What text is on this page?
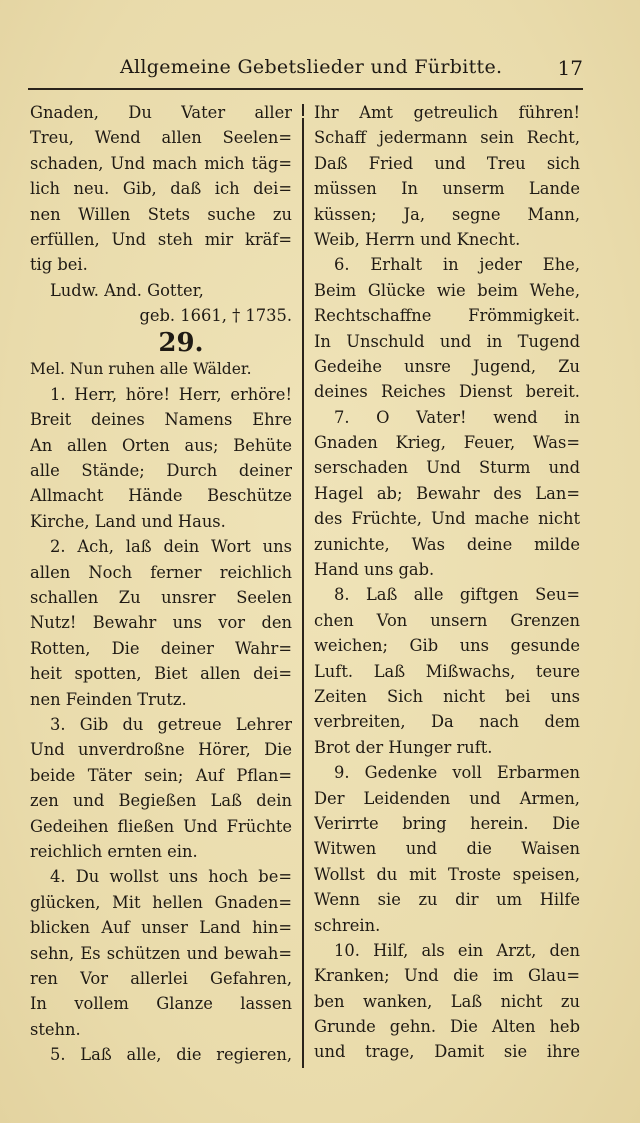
Allgemeine Gebetslieder und Fürbitte.	17
Gnaden, Du Vater aller
Treu, Wend allen Seelen=
schaden, Und mach mich täg=
lich neu. Gib, daß ich dei=
nen Willen Stets suche zu
erfüllen, Und steh mir kräf=
tig bei.
Ludw. And. Gotter,
geb. 1661, † 1735.
29.
Mel. Nun ruhen alle Wälder.
1. Herr, höre! Herr, erhöre!
Breit deines Namens Ehre
An allen Orten aus; Behüte
alle Stände; Durch deiner
Allmacht Hände Beschütze
Kirche, Land und Haus.
2. Ach, laß dein Wort uns
allen Noch ferner reichlich
schallen Zu unsrer Seelen
Nutz! Bewahr uns vor den
Rotten, Die deiner Wahr=
heit spotten, Biet allen dei=
nen Feinden Trutz.
3. Gib du getreue Lehrer
Und unverdroßne Hörer, Die
beide Täter sein; Auf Pflan=
zen und Begießen Laß dein
Gedeihen fließen Und Früchte
reichlich ernten ein.
4. Du wollst uns hoch be=
glücken, Mit hellen Gnaden=
blicken Auf unser Land hin=
sehn, Es schützen und bewah=
ren Vor allerlei Gefahren,
In vollem Glanze lassen
stehn.
5. Laß alle, die regieren,
Ihr Amt getreulich führen!
Schaff jedermann sein Recht,
Daß Fried und Treu sich
müssen In unserm Lande
küssen; Ja, segne Mann,
Weib, Herrn und Knecht.
6. Erhalt in jeder Ehe,
Beim Glücke wie beim Wehe,
Rechtschaffne Frömmigkeit.
In Unschuld und in Tugend
Gedeihe unsre Jugend, Zu
deines Reiches Dienst bereit.
7. O Vater! wend in
Gnaden Krieg, Feuer, Was=
serschaden Und Sturm und
Hagel ab; Bewahr des Lan=
des Früchte, Und mache nicht
zunichte, Was deine milde
Hand uns gab.
8. Laß alle giftgen Seu=
chen Von unsern Grenzen
weichen; Gib uns gesunde
Luft. Laß Mißwachs, teure
Zeiten Sich nicht bei uns
verbreiten, Da nach dem
Brot der Hunger ruft.
9. Gedenke voll Erbarmen
Der Leidenden und Armen,
Verirrte bring herein. Die
Witwen und die Waisen
Wollst du mit Troste speisen,
Wenn sie zu dir um Hilfe
schrein.
10. Hilf, als ein Arzt, den
Kranken; Und die im Glau=
ben wanken, Laß nicht zu
Grunde gehn. Die Alten heb
und trage, Damit sie ihre
